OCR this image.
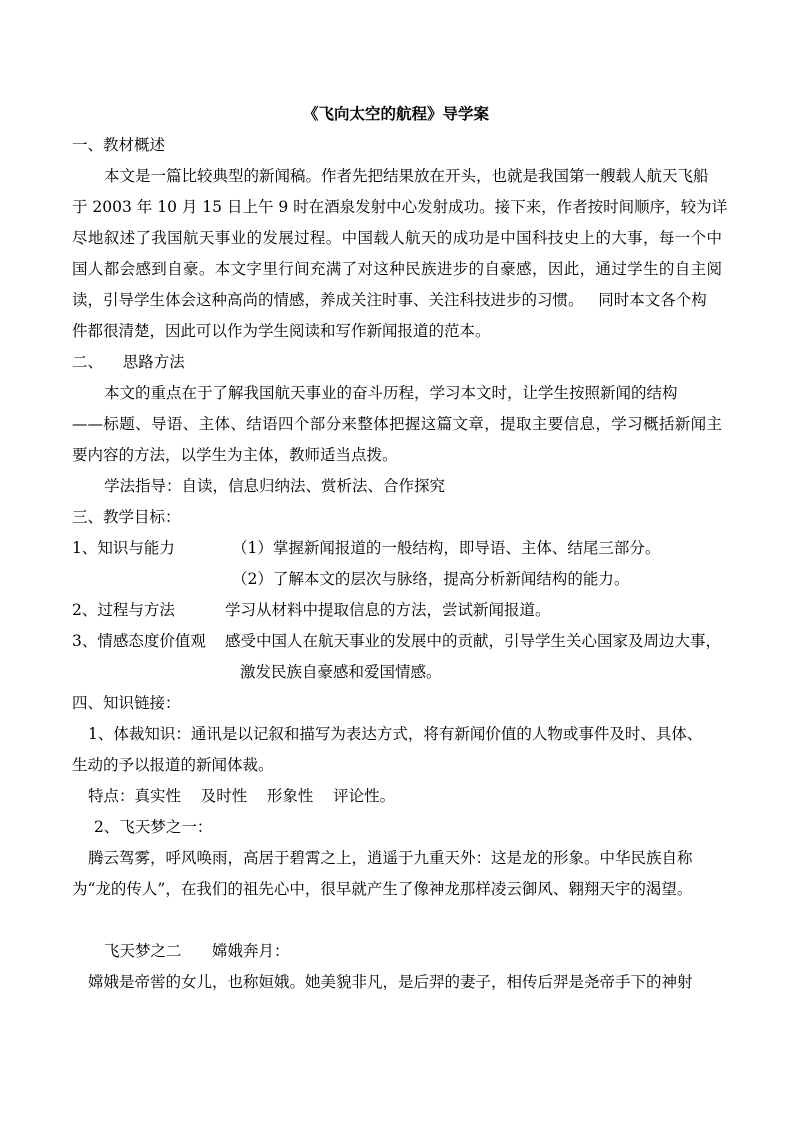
《飞向太空的航程》导学案
一、教材概述
本文是一篇比较典型的新闻稿。作者先把结果放在开头，也就是我国第一艘载人航天飞船
于 2003 年 10 月 15 日上午 9 时在酒泉发射中心发射成功。接下来，作者按时间顺序，较为详
尽地叙述了我国航天事业的发展过程。中国载人航天的成功是中国科技史上的大事，每一个中
国人都会感到自豪。本文字里行间充满了对这种民族进步的自豪感，因此，通过学生的自主阅
读，引导学生体会这种高尚的情感，养成关注时事、关注科技进步的习惯。   同时本文各个构
件都很清楚，因此可以作为学生阅读和写作新闻报道的范本。
二、    思路方法
本文的重点在于了解我国航天事业的奋斗历程，学习本文时，让学生按照新闻的结构
——标题、导语、主体、结语四个部分来整体把握这篇文章，提取主要信息，学习概括新闻主
要内容的方法，以学生为主体，教师适当点拨。
学法指导：自读，信息归纳法、赏析法、合作探究
三、教学目标：
1、知识与能力	（1）掌握新闻报道的一般结构，即导语、主体、结尾三部分。
（2）了解本文的层次与脉络，提高分析新闻结构的能力。
2、过程与方法	学习从材料中提取信息的方法，尝试新闻报道。
3、情感态度价值观 感受中国人在航天事业的发展中的贡献，引导学生关心国家及周边大事，
激发民族自豪感和爱国情感。
四、知识链接：
1、体裁知识：通讯是以记叙和描写为表达方式，将有新闻价值的人物或事件及时、具体、
生动的予以报道的新闻体裁。
特点：真实性    及时性    形象性    评论性。
2、飞天梦之一：
腾云驾雾，呼风唤雨，高居于碧霄之上，逍遥于九重天外：这是龙的形象。中华民族自称
为“龙的传人”，在我们的祖先心中，很早就产生了像神龙那样凌云御风、翱翔天宇的渴望。
飞天梦之二 嫦娥奔月：
嫦娥是帝喾的女儿，也称姮娥。她美貌非凡，是后羿的妻子，相传后羿是尧帝手下的神射
